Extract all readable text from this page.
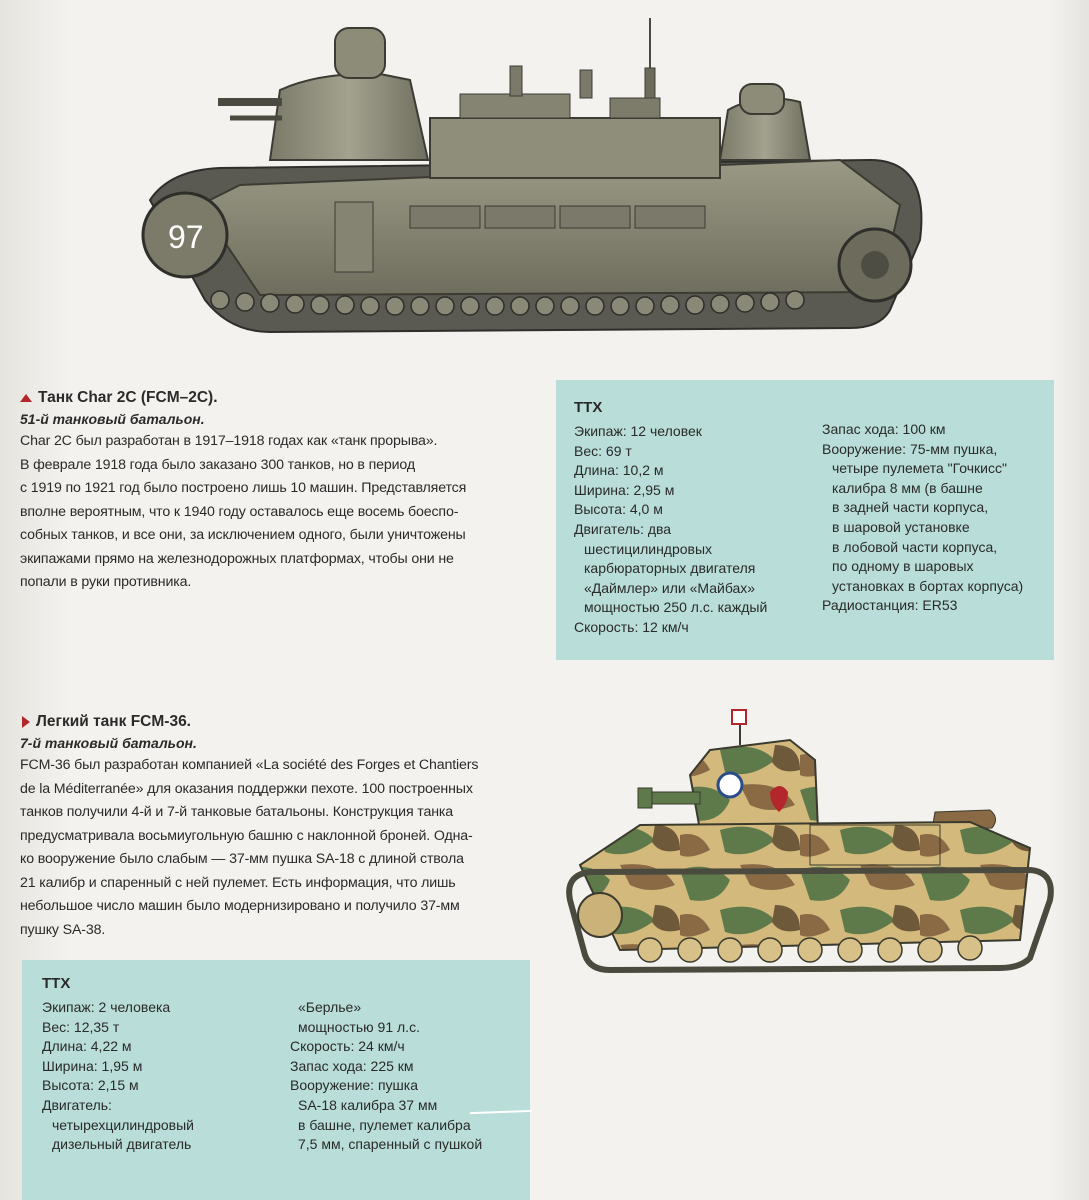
97
Танк Char 2C (FCM–2C).
51-й танковый батальон.
Char 2C был разработан в 1917–1918 годах как «танк прорыва».
В феврале 1918 года было заказано 300 танков, но в период
с 1919 по 1921 год было построено лишь 10 машин. Представляется
вполне вероятным, что к 1940 году оставалось еще восемь боеспо-
собных танков, и все они, за исключением одного, были уничтожены
экипажами прямо на железнодорожных платформах, чтобы они не
попали в руки противника.
ТТХ
Экипаж: 12 человек
Вес: 69 т
Длина: 10,2 м
Ширина: 2,95 м
Высота: 4,0 м
Двигатель: два
шестицилиндровых
карбюраторных двигателя
«Даймлер» или «Майбах»
мощностью 250 л.с. каждый
Скорость: 12 км/ч
Запас хода: 100 км
Вооружение: 75-мм пушка,
четыре пулемета "Гочкисс"
калибра 8 мм (в башне
в задней части корпуса,
в шаровой установке
в лобовой части корпуса,
по одному в шаровых
установках в бортах корпуса)
Радиостанция: ER53
Легкий танк FCM-36.
7-й танковый батальон.
FCM-36 был разработан компанией «La société des Forges et Chantiers
de la Méditerranée» для оказания поддержки пехоте. 100 построенных
танков получили 4-й и 7-й танковые батальоны. Конструкция танка
предусматривала восьмиугольную башню с наклонной броней. Одна-
ко вооружение было слабым — 37-мм пушка SA-18 с длиной ствола
21 калибр и спаренный с ней пулемет. Есть информация, что лишь
небольшое число машин было модернизировано и получило 37-мм
пушку SA-38.
ТТХ
Экипаж: 2 человека
Вес: 12,35 т
Длина: 4,22 м
Ширина: 1,95 м
Высота: 2,15 м
Двигатель:
четырехцилиндровый
дизельный двигатель
«Берлье»
мощностью 91 л.с.
Скорость: 24 км/ч
Запас хода: 225 км
Вооружение: пушка
SA-18 калибра 37 мм
в башне, пулемет калибра
7,5 мм, спаренный с пушкой
